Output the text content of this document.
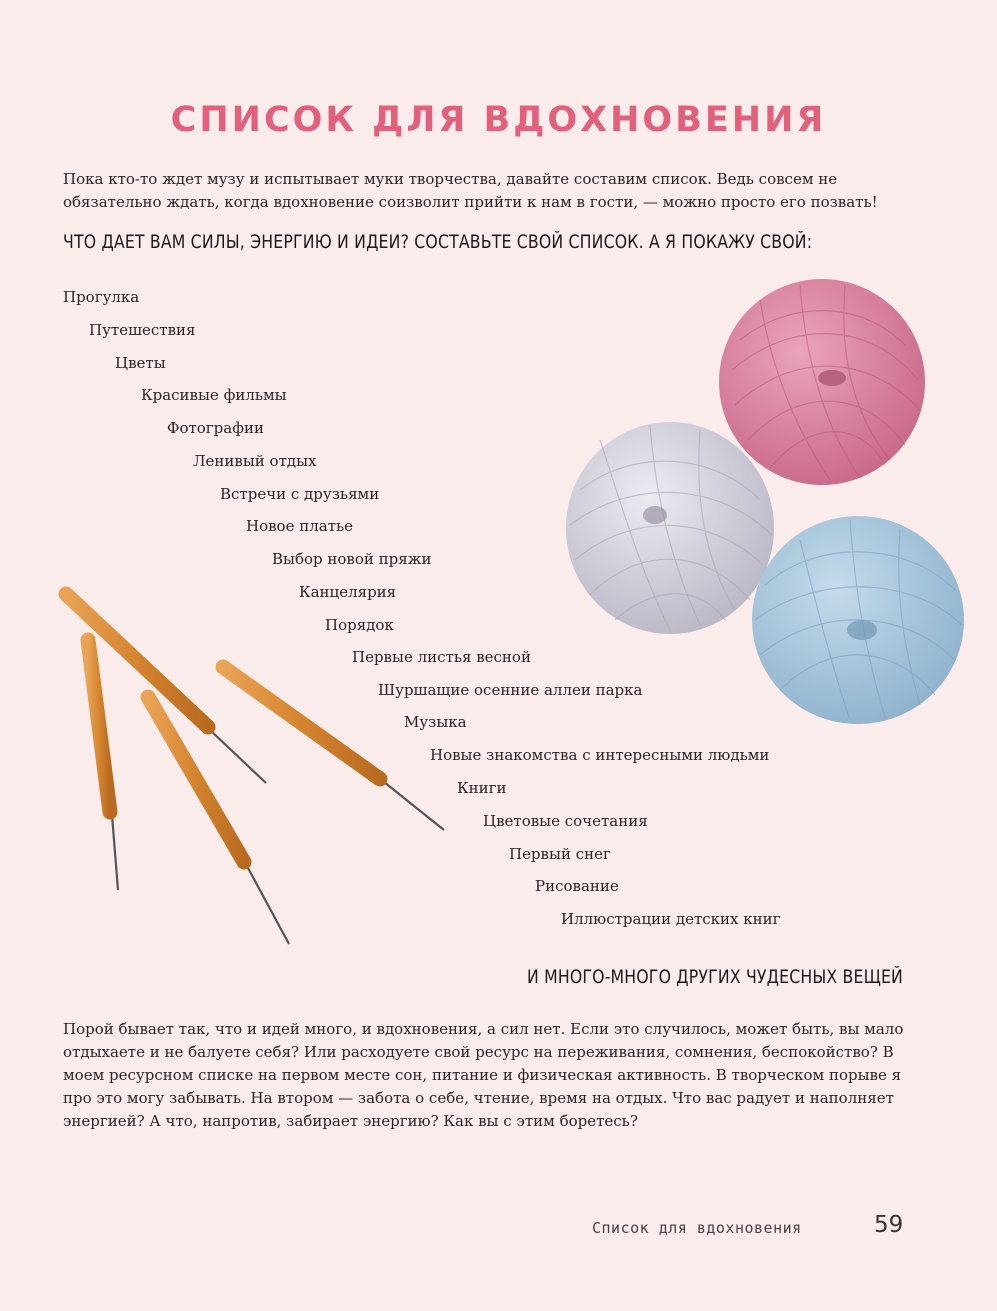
СПИСОК ДЛЯ ВДОХНОВЕНИЯ

Пока кто-то ждет музу и испытывает муки творчества, давайте составим список. Ведь совсем не обязательно ждать, когда вдохновение соизволит прийти к нам в гости, — можно просто его позвать!

ЧТО ДАЕТ ВАМ СИЛЫ, ЭНЕРГИЮ И ИДЕИ? СОСТАВЬТЕ СВОЙ СПИСОК. А Я ПОКАЖУ СВОЙ:
Прогулка
Путешествия
Цветы
Красивые фильмы
Фотографии
Ленивый отдых
Встречи с друзьями
Новое платье
Выбор новой пряжи
Канцелярия
Порядок
Первые листья весной
Шуршащие осенние аллеи парка
Музыка
Новые знакомства с интересными людьми
Книги
Цветовые сочетания
Первый снег
Рисование
Иллюстрации детских книг
И МНОГО-МНОГО ДРУГИХ ЧУДЕСНЫХ ВЕЩЕЙ

Порой бывает так, что и идей много, и вдохновения, а сил нет. Если это случилось, может быть, вы мало отдыхаете и не балуете себя? Или расходуете свой ресурс на переживания, сомнения, беспокойство? В моем ресурсном списке на первом месте сон, питание и физическая активность. В творческом порыве я про это могу забывать. На втором — забота о себе, чтение, время на отдых. Что вас радует и наполняет энергией? А что, напротив, забирает энергию? Как вы с этим боретесь?

Список для вдохновения	59
